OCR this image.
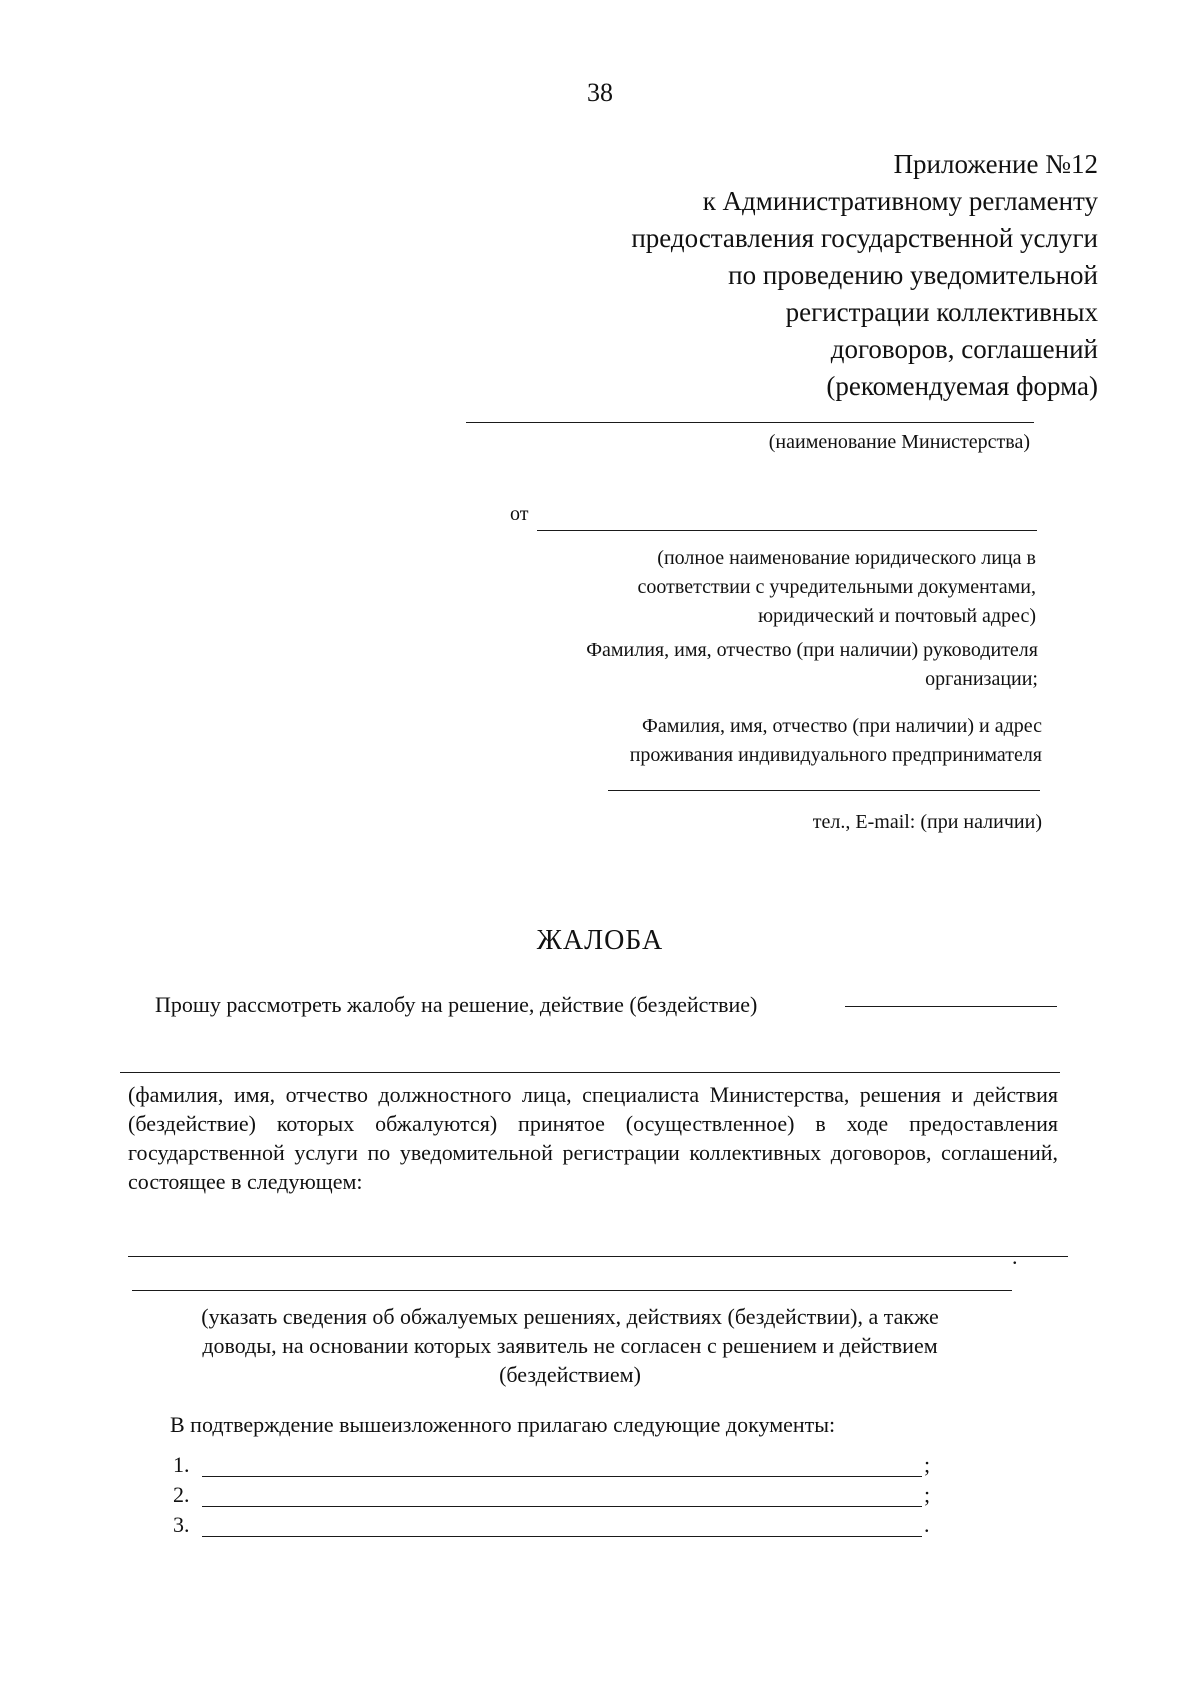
38
Приложение №12
к Административному регламенту
предоставления государственной услуги
по проведению уведомительной
регистрации коллективных
договоров, соглашений
(рекомендуемая форма)
(наименование Министерства)
от
(полное наименование юридического лица в
соответствии с учредительными документами,
юридический и почтовый адрес)
Фамилия, имя, отчество (при наличии) руководителя
организации;
Фамилия, имя, отчество (при наличии) и адрес
проживания индивидуального предпринимателя
тел., E-mail: (при наличии)
ЖАЛОБА
Прошу рассмотреть жалобу на решение, действие (бездействие)
(фамилия, имя, отчество должностного лица, специалиста Министерства, решения и действия (бездействие) которых обжалуются) принятое (осуществленное) в ходе предоставления государственной услуги по уведомительной регистрации коллективных договоров, соглашений, состоящее в следующем:
.
(указать сведения об обжалуемых решениях, действиях (бездействии), а также
доводы, на основании которых заявитель не согласен с решением и действием
(бездействием)
В подтверждение вышеизложенного прилагаю следующие документы:
1.	;
2.	;
3.	.
